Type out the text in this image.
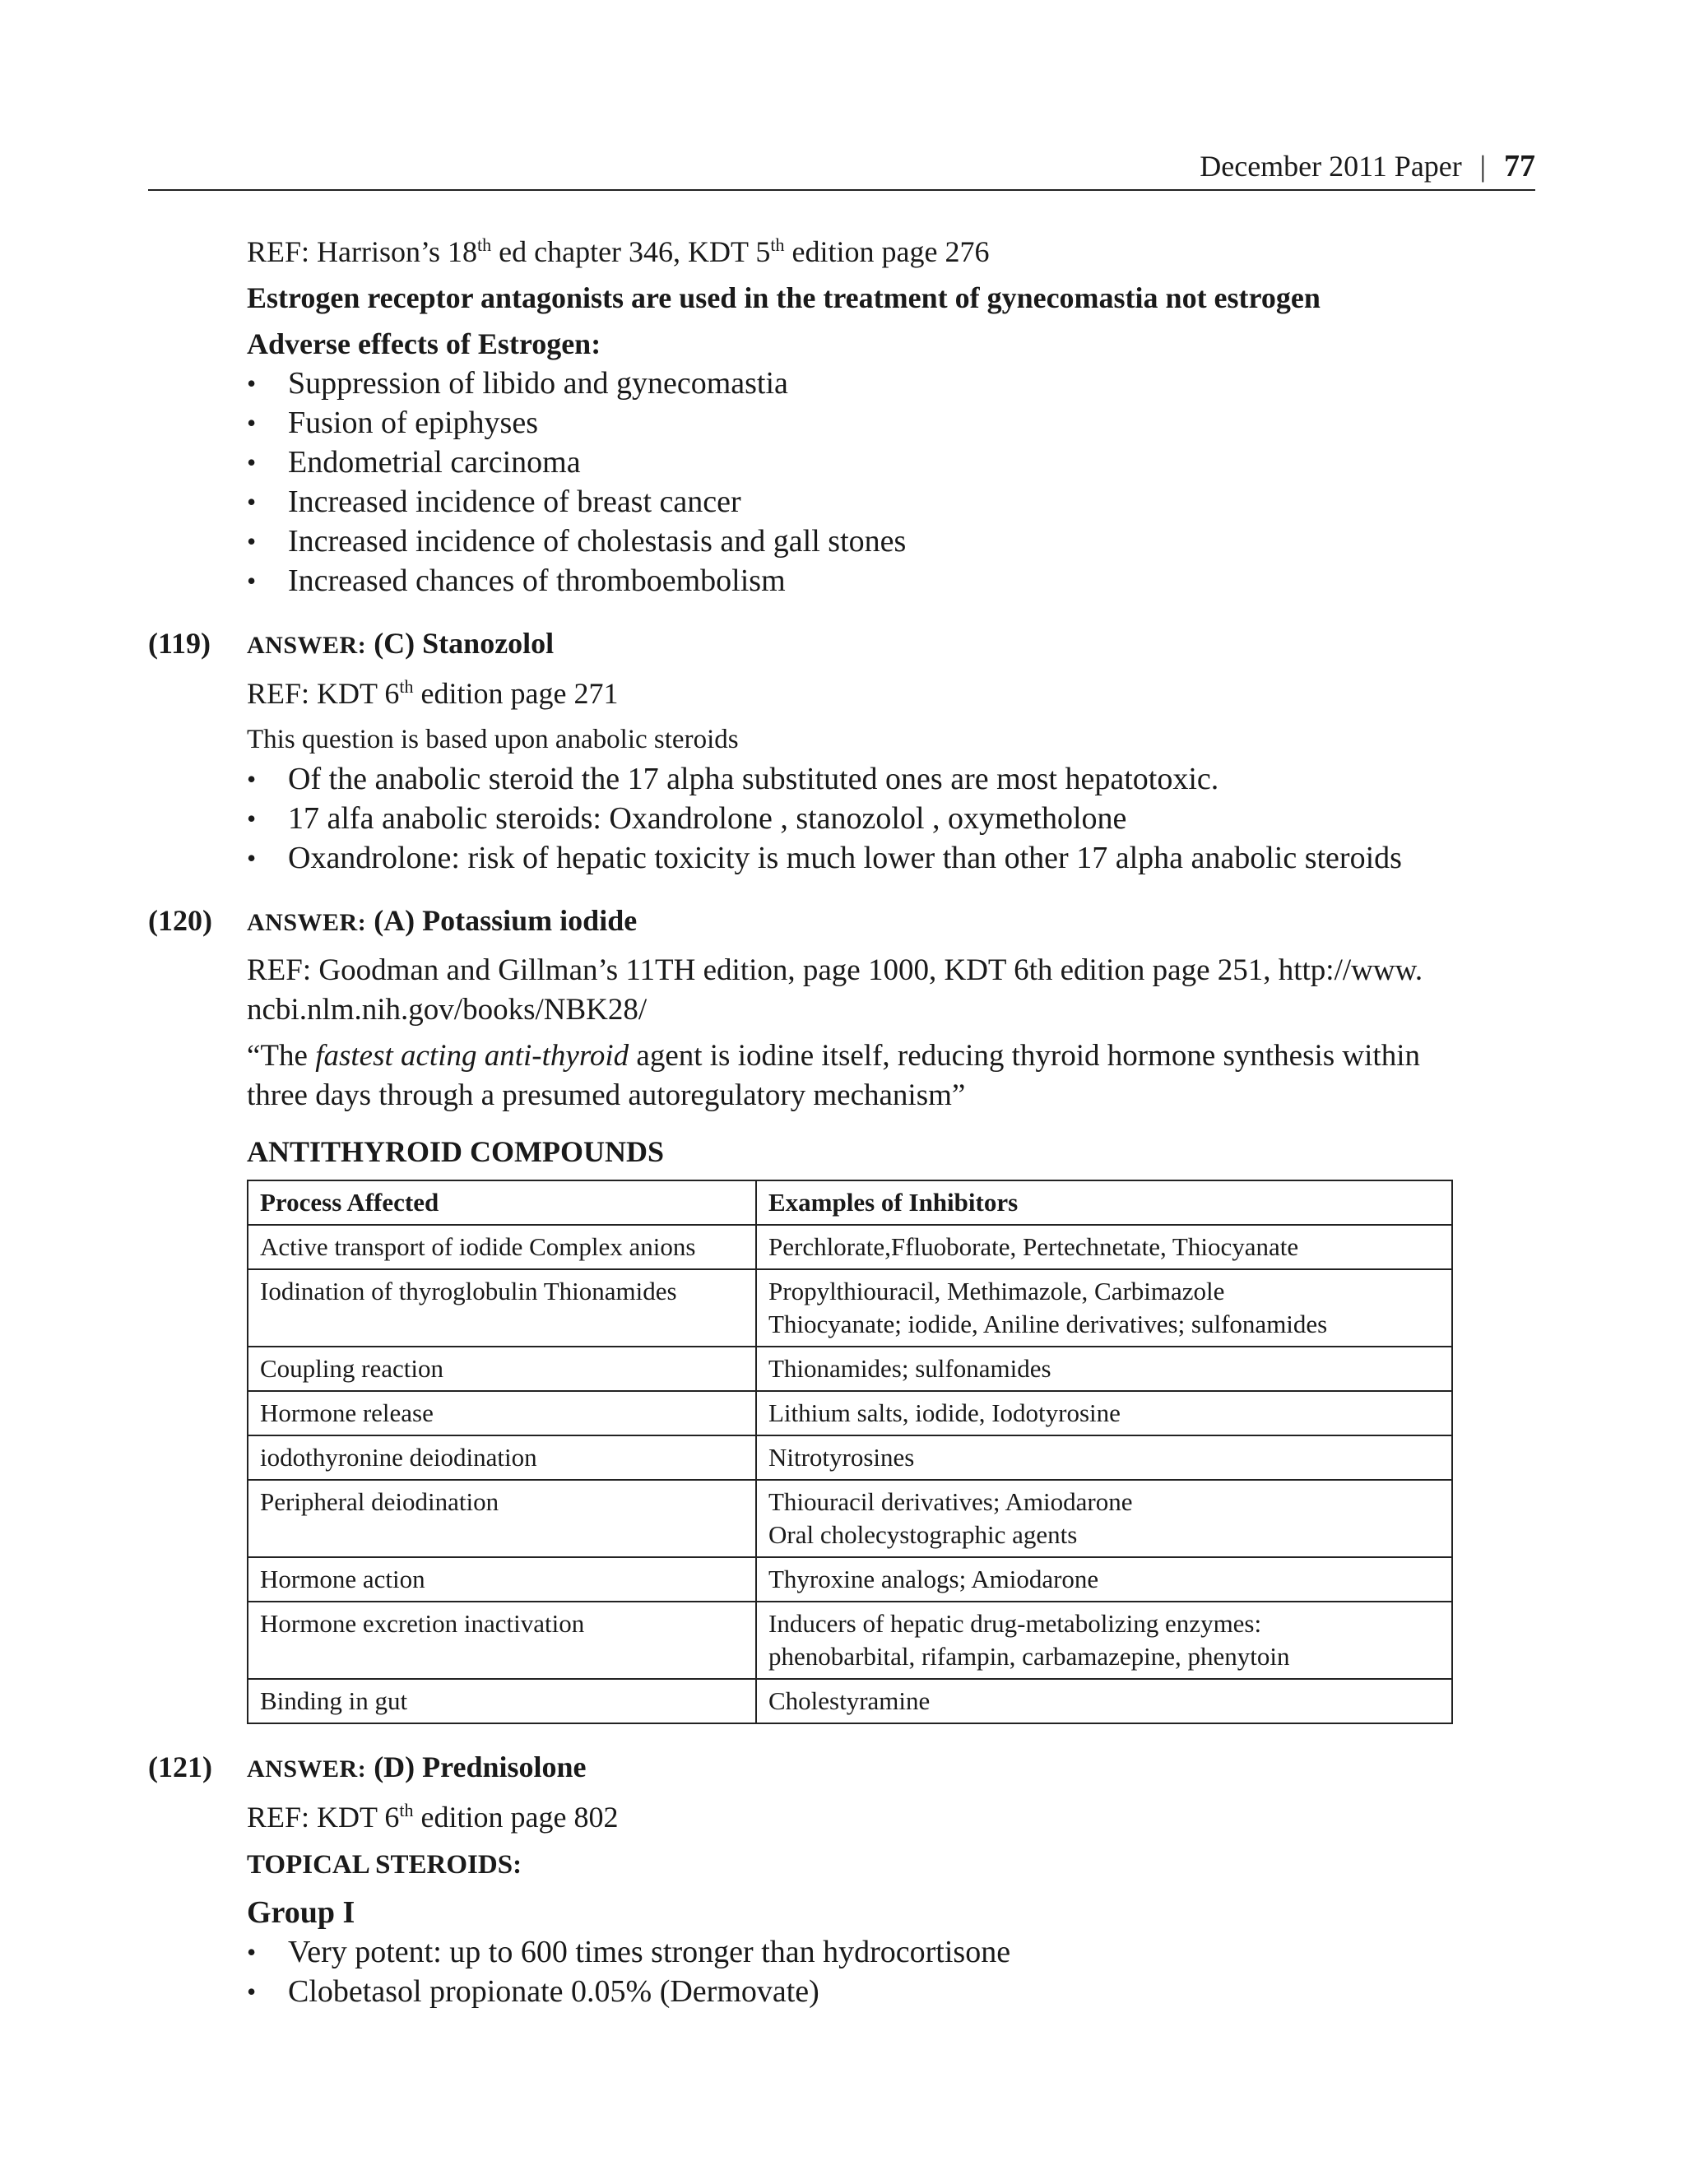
December 2011 Paper | 77
REF: Harrison’s 18th ed chapter 346, KDT 5th edition page 276
Estrogen receptor antagonists are used in the treatment of gynecomastia not estrogen
Adverse effects of Estrogen:
• Suppression of libido and gynecomastia
• Fusion of epiphyses
• Endometrial carcinoma
• Increased incidence of breast cancer
• Increased incidence of cholestasis and gall stones
• Increased chances of thromboembolism
(119) ANSWER: (C) Stanozolol
REF: KDT 6th edition page 271
This question is based upon anabolic steroids
• Of the anabolic steroid the 17 alpha substituted ones are most hepatotoxic.
• 17 alfa anabolic steroids: Oxandrolone , stanozolol , oxymetholone
• Oxandrolone: risk of hepatic toxicity is much lower than other 17 alpha anabolic steroids
(120) ANSWER: (A) Potassium iodide
REF: Goodman and Gillman’s 11TH edition, page 1000, KDT 6th edition page 251, http://www.
ncbi.nlm.nih.gov/books/NBK28/
“The fastest acting anti-thyroid agent is iodine itself, reducing thyroid hormone synthesis within
three days through a presumed autoregulatory mechanism”
ANTITHYROID COMPOUNDS
Process Affected	Examples of Inhibitors
Active transport of iodide Complex anions	Perchlorate,Ffluoborate, Pertechnetate, Thiocyanate

Iodination of thyroglobulin Thionamides	Propylthiouracil, Methimazole, Carbimazole
Thiocyanate; iodide, Aniline derivatives; sulfonamides

Coupling reaction	Thionamides; sulfonamides

Hormone release	Lithium salts, iodide, Iodotyrosine

iodothyronine deiodination	Nitrotyrosines

Peripheral deiodination	Thiouracil derivatives; Amiodarone
Oral cholecystographic agents

Hormone action	Thyroxine analogs; Amiodarone

Hormone excretion inactivation	Inducers of hepatic drug-metabolizing enzymes:
phenobarbital, rifampin, carbamazepine, phenytoin

Binding in gut	Cholestyramine
(121) ANSWER: (D) Prednisolone
REF: KDT 6th edition page 802
TOPICAL STEROIDS:
Group I
• Very potent: up to 600 times stronger than hydrocortisone
• Clobetasol propionate 0.05% (Dermovate)
